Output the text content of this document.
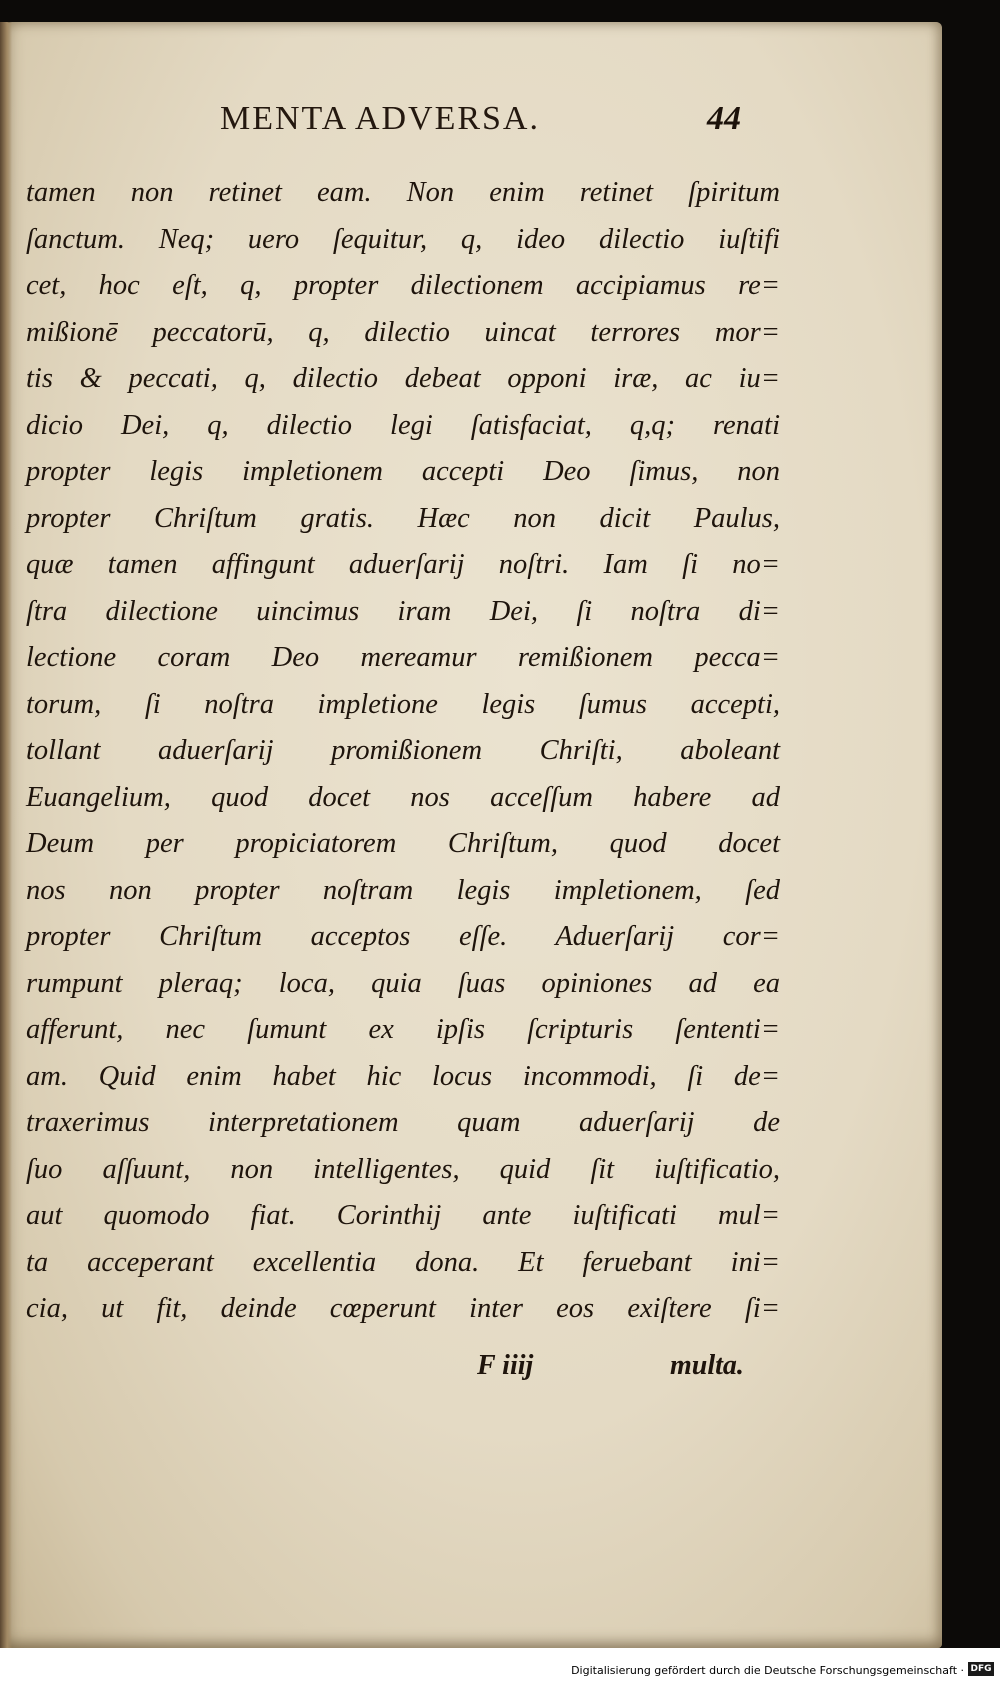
MENTA ADVERSA.	44
tamen non retinet eam. Non enim retinet ſpiritum
ſanctum. Neq; uero ſequitur, q, ideo dilectio iuſtifi
cet, hoc eſt, q, propter dilectionem accipiamus re=
mißionē peccatorū, q, dilectio uincat terrores mor=
tis & peccati, q, dilectio debeat opponi iræ, ac iu=
dicio Dei, q, dilectio legi ſatisfaciat, q,q; renati
propter legis impletionem accepti Deo ſimus, non
propter Chriſtum gratis. Hæc non dicit Paulus,
quæ tamen affingunt aduerſarij noſtri. Iam ſi no=
ſtra dilectione uincimus iram Dei, ſi noſtra di=
lectione coram Deo mereamur remißionem pecca=
torum, ſi noſtra impletione legis ſumus accepti,
tollant aduerſarij promißionem Chriſti, aboleant
Euangelium, quod docet nos acceſſum habere ad
Deum per propiciatorem Chriſtum, quod docet
nos non propter noſtram legis impletionem, ſed
propter Chriſtum acceptos eſſe. Aduerſarij cor=
rumpunt pleraq; loca, quia ſuas opiniones ad ea
afferunt, nec ſumunt ex ipſis ſcripturis ſententi=
am. Quid enim habet hic locus incommodi, ſi de=
traxerimus interpretationem quam aduerſarij de
ſuo aſſuunt, non intelligentes, quid ſit iuſtificatio,
aut quomodo fiat. Corinthij ante iuſtificati mul=
ta acceperant excellentia dona. Et feruebant ini=
cia, ut fit, deinde cœperunt inter eos exiſtere ſi=
F iiij	multa.
Digitalisierung gefördert durch die Deutsche Forschungsgemeinschaft · DFG
